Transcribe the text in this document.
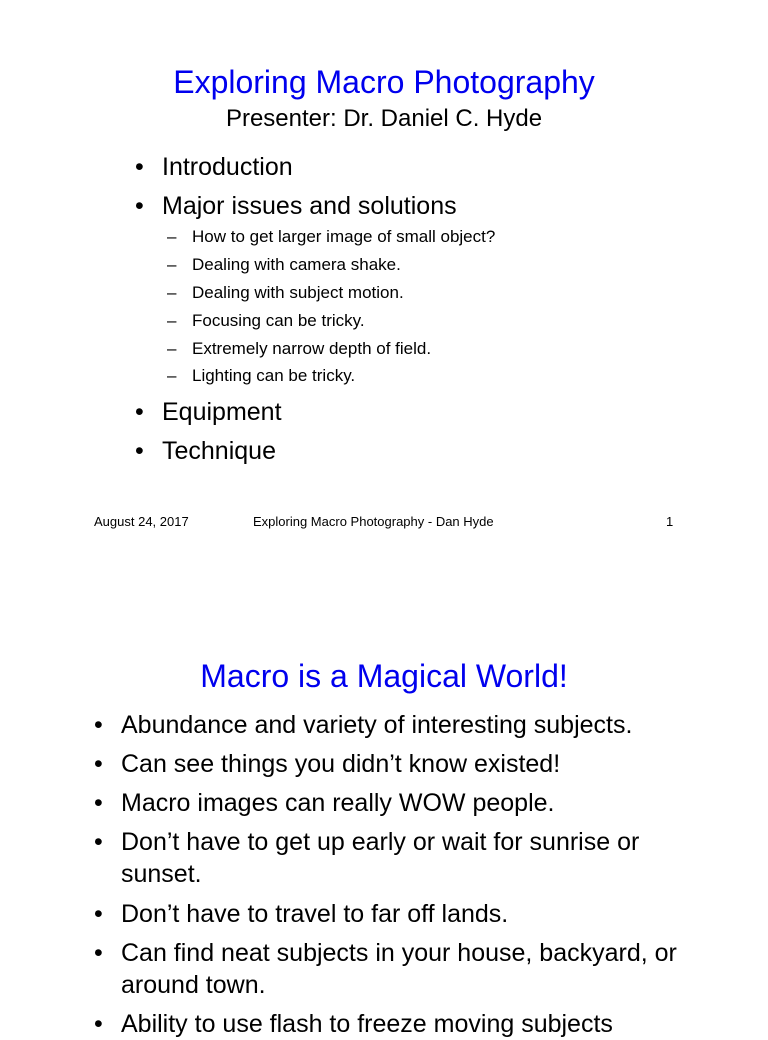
Exploring Macro Photography
Presenter: Dr. Daniel C. Hyde
• Introduction
• Major issues and solutions
– How to get larger image of small object?
– Dealing with camera shake.
– Dealing with subject motion.
– Focusing can be tricky.
– Extremely narrow depth of field.
– Lighting can be tricky.
• Equipment
• Technique
August 24, 2017	Exploring Macro Photography - Dan Hyde	1
Macro is a Magical World!
• Abundance and variety of interesting subjects.
• Can see things you didn’t know existed!
• Macro images can really WOW people.
• Don’t have to get up early or wait for sunrise or sunset.
• Don’t have to travel to far off lands.
• Can find neat subjects in your house, backyard, or around town.
• Ability to use flash to freeze moving subjects
